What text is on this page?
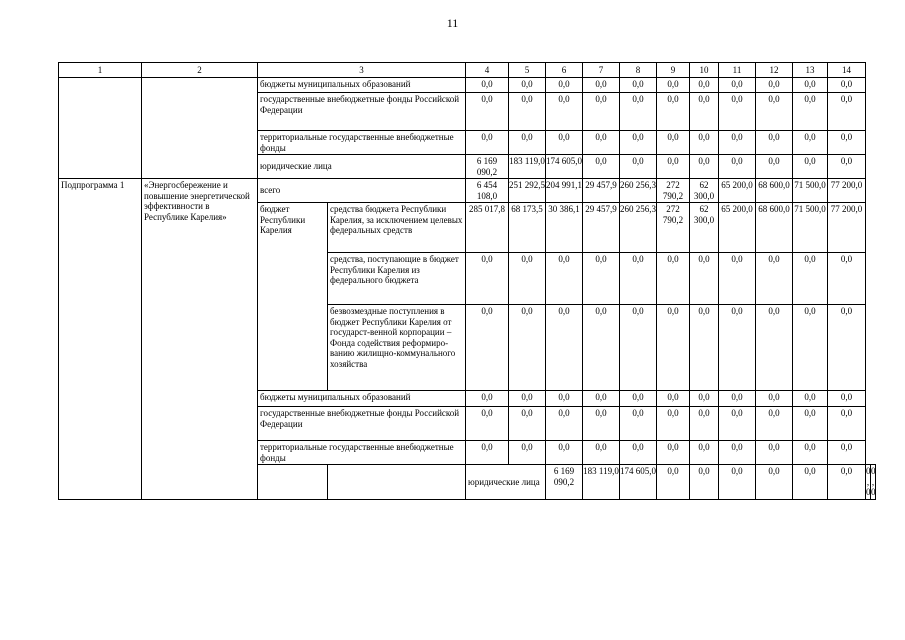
11
1	2	3		4	5	6	7	8	9	10	11	12	13	14		
		бюджеты муниципальных образований		0,0	0,0	0,0	0,0	0,0	0,0	0,0	0,0	0,0	0,0	0,0		
		государственные внебюджетные фонды Российской Федерации		0,0	0,0	0,0	0,0	0,0	0,0	0,0	0,0	0,0	0,0	0,0		
		территориальные государственные внебюджетные фонды		0,0	0,0	0,0	0,0	0,0	0,0	0,0	0,0	0,0	0,0	0,0		
		юридические лица		6 169 090,2	183 119,0	174 605,0	0,0	0,0	0,0	0,0	0,0	0,0	0,0	0,0		
Подпрограмма 1	«Энергосбережение и повышение энергетической эффективности в Республике Карелия»	всего		6 454 108,0	251 292,5	204 991,1	29 457,9	260 256,3	272 790,2	62 300,0	65 200,0	68 600,0	71 500,0	77 200,0		
		бюджет Республики Карелия	средства бюджета Республики Карелия, за исключением целевых федеральных средств	285 017,8	68 173,5	30 386,1	29 457,9	260 256,3	272 790,2	62 300,0	65 200,0	68 600,0	71 500,0	77 200,0		
			средства, поступающие в бюджет Республики Карелия из федерального бюджета	0,0	0,0	0,0	0,0	0,0	0,0	0,0	0,0	0,0	0,0	0,0		
			безвозмездные поступления в бюджет Республики Карелия от государст-венной корпорации – Фонда содействия реформиро-ванию жилищно-коммунального хозяйства	0,0	0,0	0,0	0,0	0,0	0,0	0,0	0,0	0,0	0,0	0,0		
		бюджеты муниципальных образований		0,0	0,0	0,0	0,0	0,0	0,0	0,0	0,0	0,0	0,0	0,0		
		государственные внебюджетные фонды Российской Федерации		0,0	0,0	0,0	0,0	0,0	0,0	0,0	0,0	0,0	0,0	0,0		
		территориальные государственные внебюджетные фонды		0,0	0,0	0,0	0,0	0,0	0,0	0,0	0,0	0,0	0,0	0,0		
				юридические лица		6 169 090,2	183 119,0	174 605,0	0,0	0,0	0,0	0,0	0,0	0,0	0,0	0,0
